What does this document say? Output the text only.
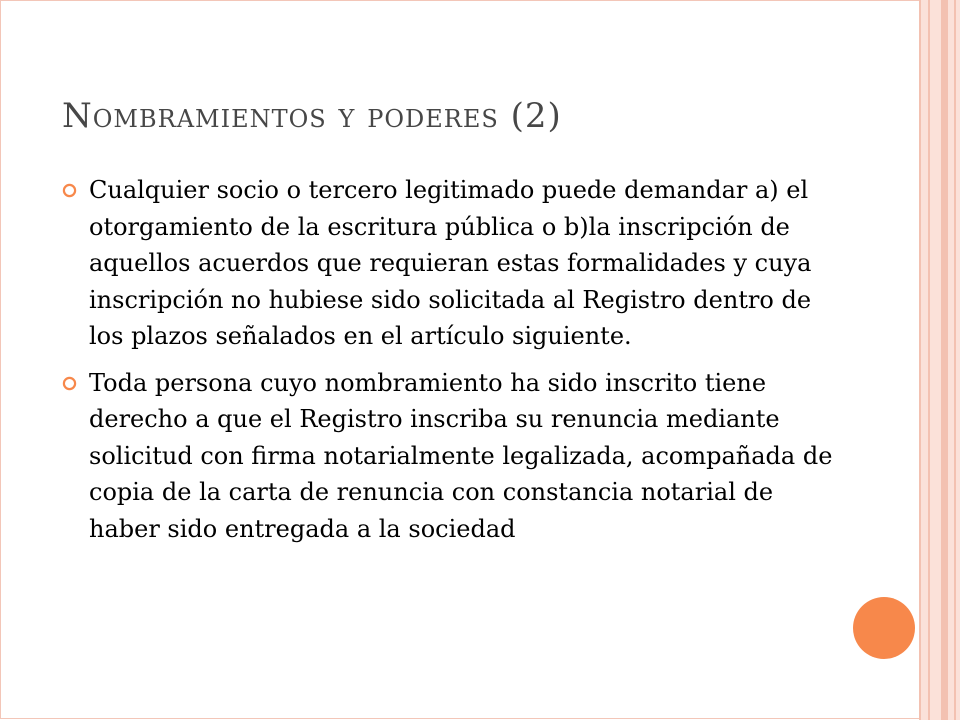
Nombramientos y poderes (2)
Cualquier socio o tercero legitimado puede demandar a) el otorgamiento de la escritura pública o b)la inscripción de aquellos acuerdos que requieran estas formalidades y cuya inscripción no hubiese sido solicitada al Registro dentro de los plazos señalados en el artículo siguiente.
Toda persona cuyo nombramiento ha sido inscrito tiene derecho a que el Registro inscriba su renuncia mediante solicitud con firma notarialmente legalizada, acompañada de copia de la carta de renuncia con constancia notarial de haber sido entregada a la sociedad
